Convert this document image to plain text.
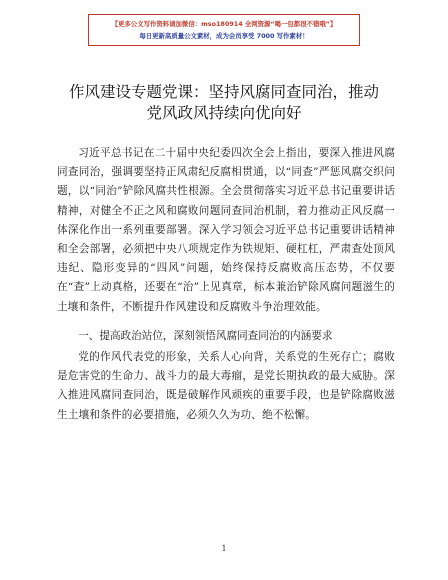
【更多公文写作资料请加微信：mso180914 全网资源“喝一包都很不错哦”】
每日更新高质量公文素材，成为会员享受 7000 写作素材！
作风建设专题党课：坚持风腐同查同治，推动
党风政风持续向优向好

习近平总书记在二十届中央纪委四次全会上指出，要深入推进风腐同查同治，强调要坚持正风肃纪反腐相贯通，以“同查”严惩风腐交织问题，以“同治”铲除风腐共性根源。全会贯彻落实习近平总书记重要讲话精神，对健全不正之风和腐败问题同查同治机制，着力推动正风反腐一体深化作出一系列重要部署。深入学习领会习近平总书记重要讲话精神和全会部署，必须把中央八项规定作为铁规矩、硬杠杠，严肃查处顶风违纪、隐形变异的“四风”问题，始终保持反腐败高压态势，不仅要在“查”上动真格，还要在“治”上见真章，标本兼治铲除风腐问题滋生的土壤和条件，不断提升作风建设和反腐败斗争治理效能。

一、提高政治站位，深刻领悟风腐同查同治的内涵要求

党的作风代表党的形象，关系人心向背，关系党的生死存亡；腐败是危害党的生命力、战斗力的最大毒瘤，是党长期执政的最大威胁。深入推进风腐同查同治，既是破解作风顽疾的重要手段，也是铲除腐败滋生土壤和条件的必要措施，必须久久为功、绝不松懈。

1
